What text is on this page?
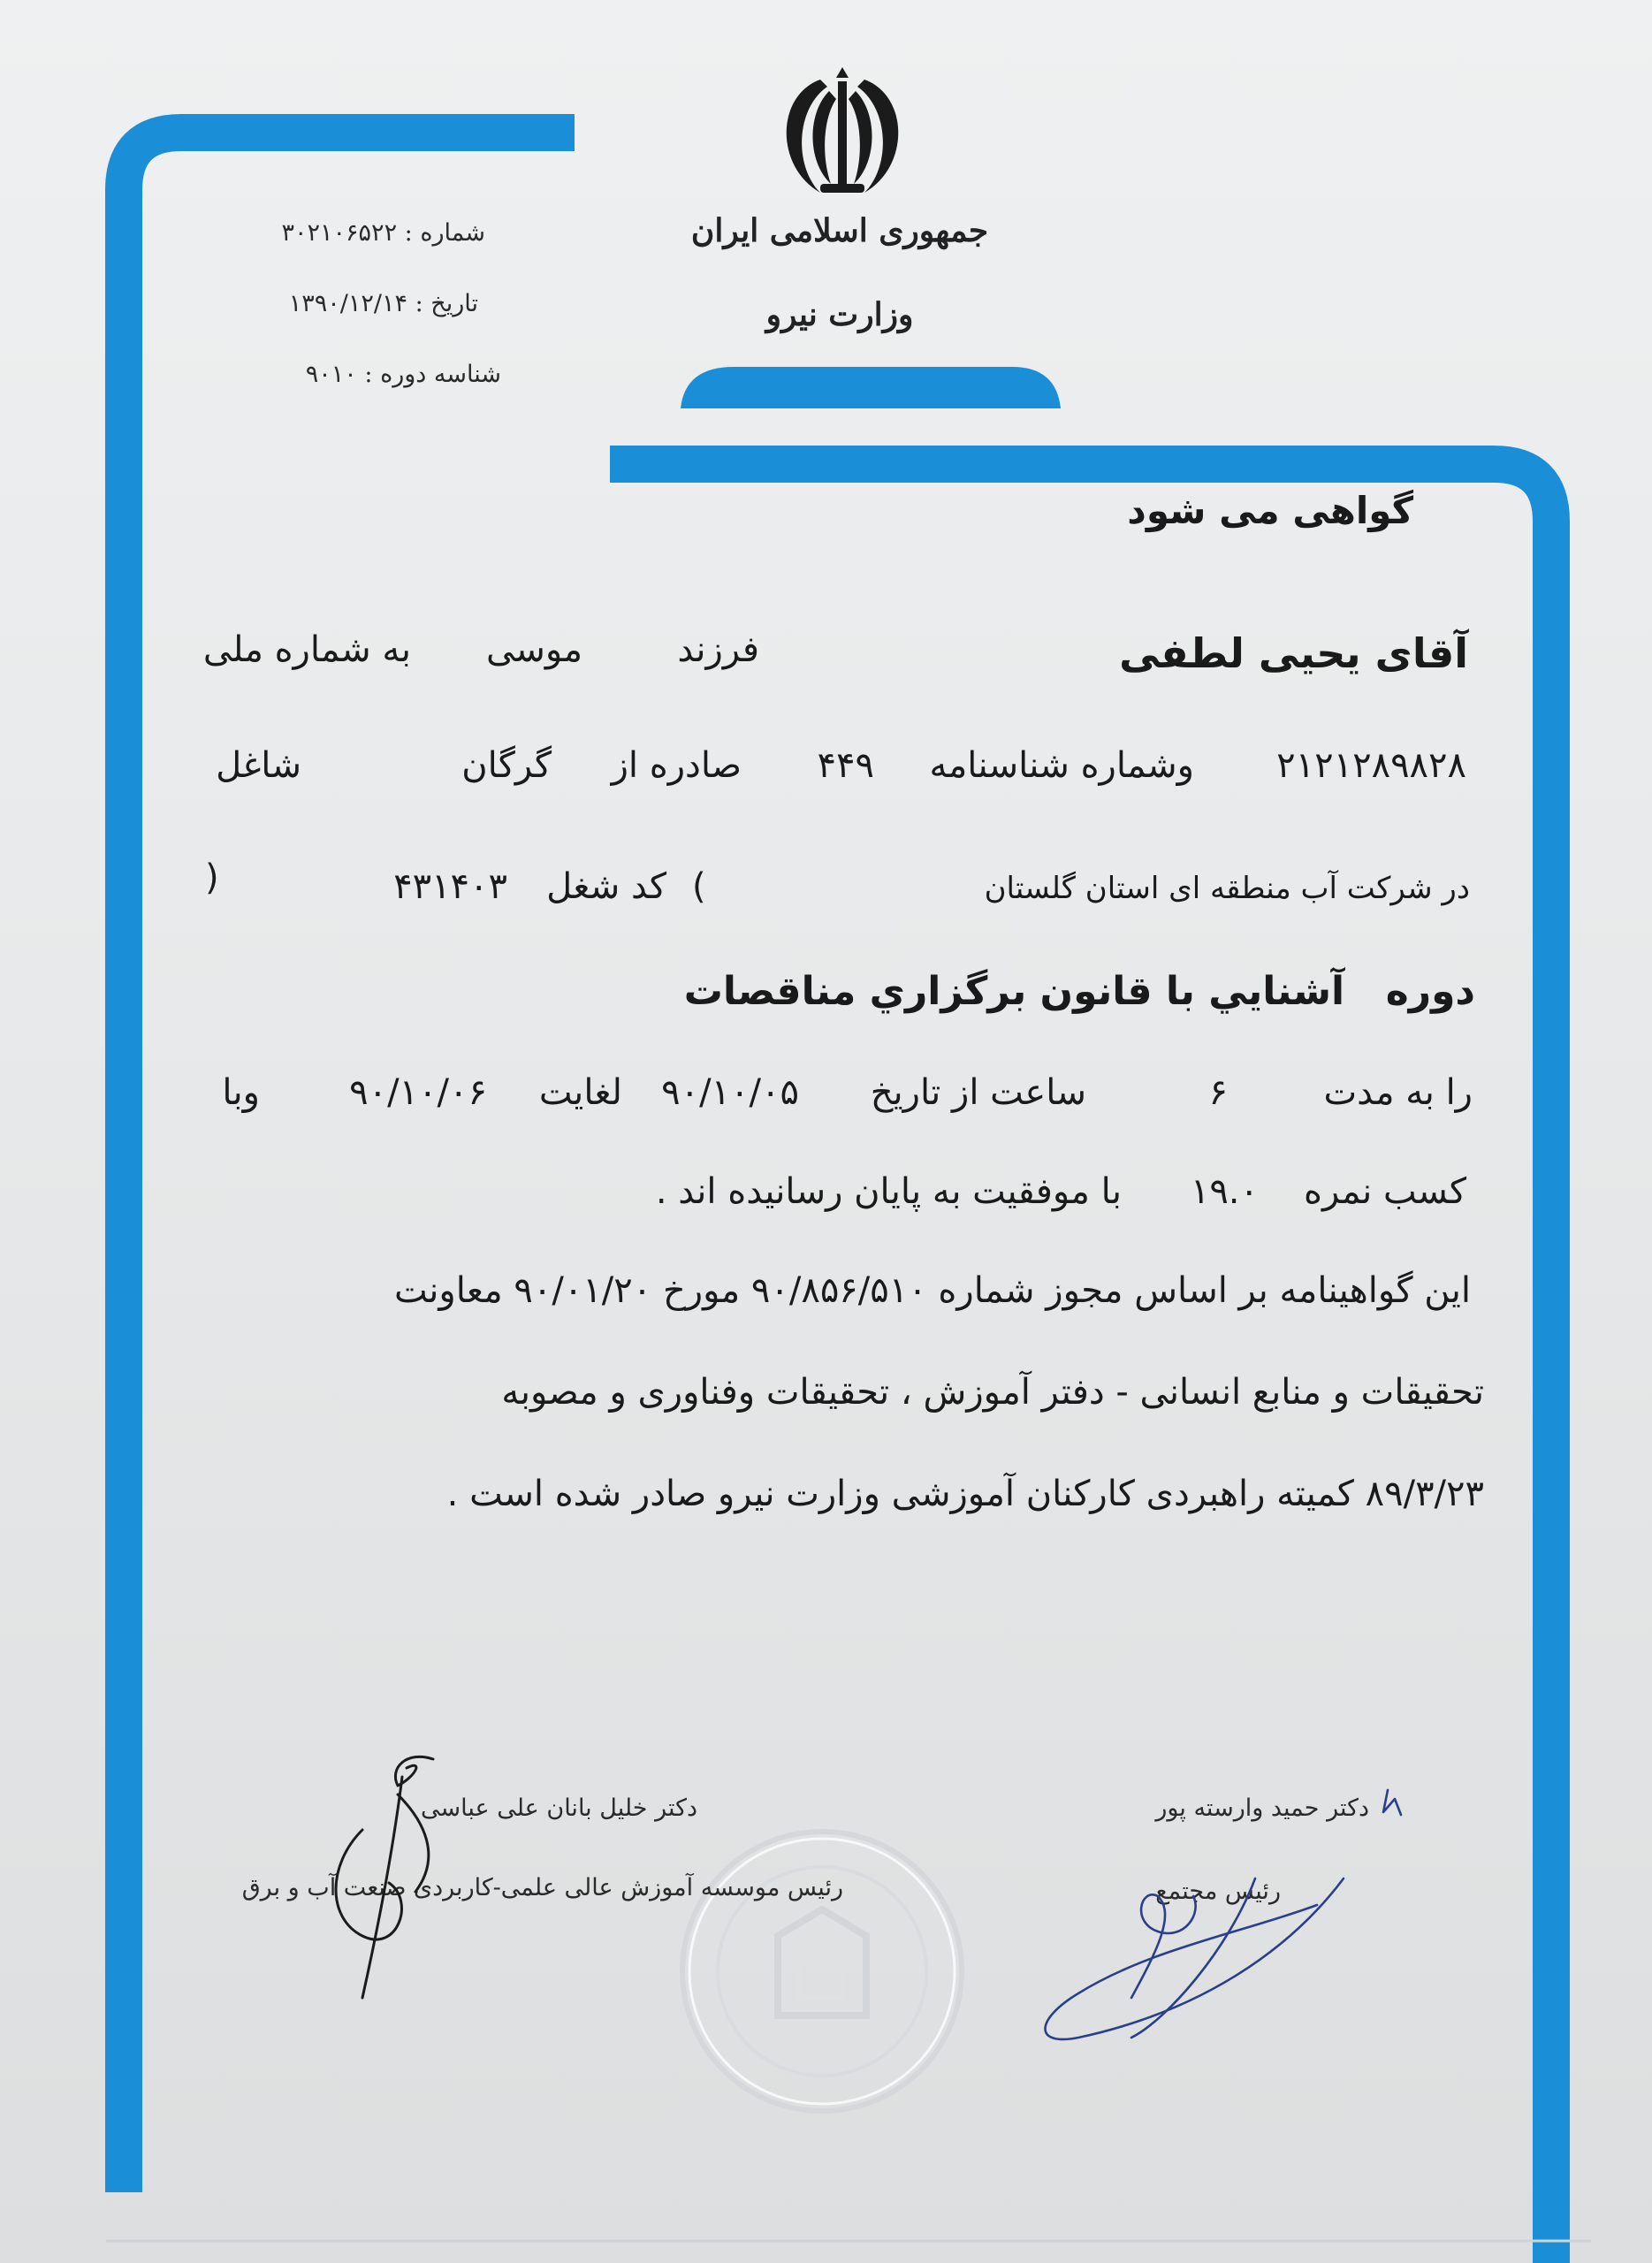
جمهوری اسلامی ایران
وزارت نیرو
شماره : ۳۰۲۱۰۶۵۲۲
تاریخ : ۱۳۹۰/۱۲/۱۴
شناسه دوره : ۹۰۱۰
گواهی می شود
آقای یحیی لطفی
فرزند
موسی
به شماره ملی
۲۱۲۱۲۸۹۸۲۸
وشماره شناسنامه
۴۴۹
صادره از
گرگان
شاغل
در شرکت آب منطقه ای استان گلستان
(
کد شغل
۴۳۱۴۰۳
)
دوره  آشنايي با قانون برگزاري مناقصات
را به مدت
۶
ساعت از تاریخ
۹۰/۱۰/۰۵
لغایت
۹۰/۱۰/۰۶
وبا
کسب نمره
۱۹.۰
با موفقیت به پایان رسانیده اند .
این گواهینامه بر اساس مجوز شماره ۹۰/۸۵۶/۵۱۰ مورخ ۹۰/۰۱/۲۰ معاونت
تحقیقات و منابع انسانی - دفتر آموزش ، تحقیقات وفناوری و مصوبه
۸۹/۳/۲۳ کمیته راهبردی کارکنان آموزشی وزارت نیرو صادر شده است .
دکتر حمید وارسته پور
رئیس مجتمع
دکتر خلیل بانان علی عباسی
رئیس موسسه آموزش عالی علمی-کاربردی صنعت آب و برق
